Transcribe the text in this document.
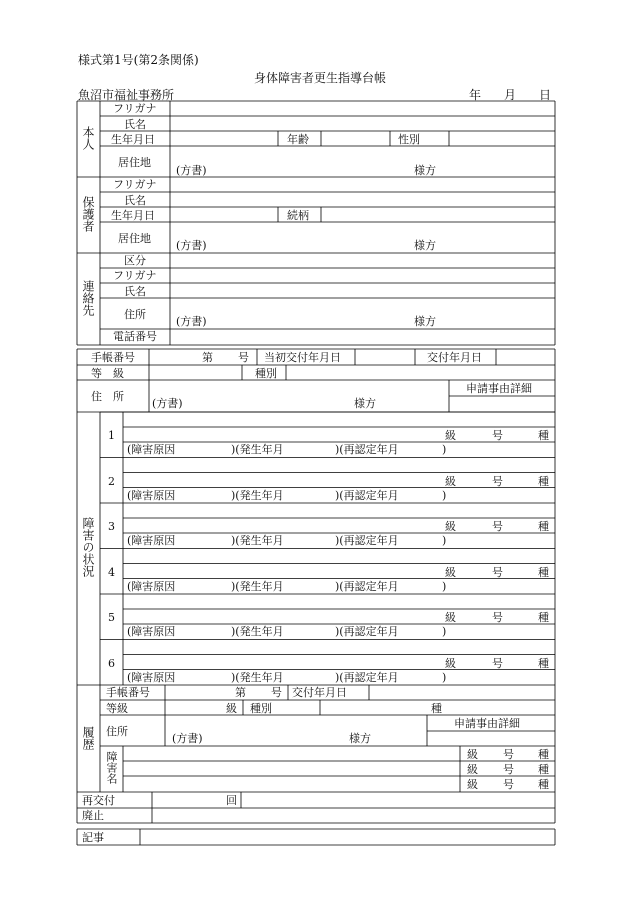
様式第1号(第2条関係)
身体障害者更生指導台帳
魚沼市福祉事務所	年 月 日
本人
フリガナ
氏名
生年月日	年齢	性別
居住地
(方書)	様方
保護者
フリガナ
氏名
生年月日	続柄
居住地
(方書)	様方
連絡先
区分
フリガナ
氏名
住所
(方書)	様方
電話番号
手帳番号	第 号 当初交付年月日	交付年月日
等　級	種別
住　所
(方書)	様方
申請事由詳細
障害の状況
1	級	号	種
(障害原因	)(発生年月	)(再認定年月	)
2	級	号	種
(障害原因	)(発生年月	)(再認定年月	)
3	級	号	種
(障害原因	)(発生年月	)(再認定年月	)
4	級	号	種
(障害原因	)(発生年月	)(再認定年月	)
5	級	号	種
(障害原因	)(発生年月	)(再認定年月	)
6	級	号	種
(障害原因	)(発生年月	)(再認定年月	)
履歴
手帳番号	第 号 交付年月日
等級	級 種別	種
申請事由詳細
住所
(方書)	様方
障害名	級 号 種
級 号 種
級 号 種
再交付	回
廃止
記事
